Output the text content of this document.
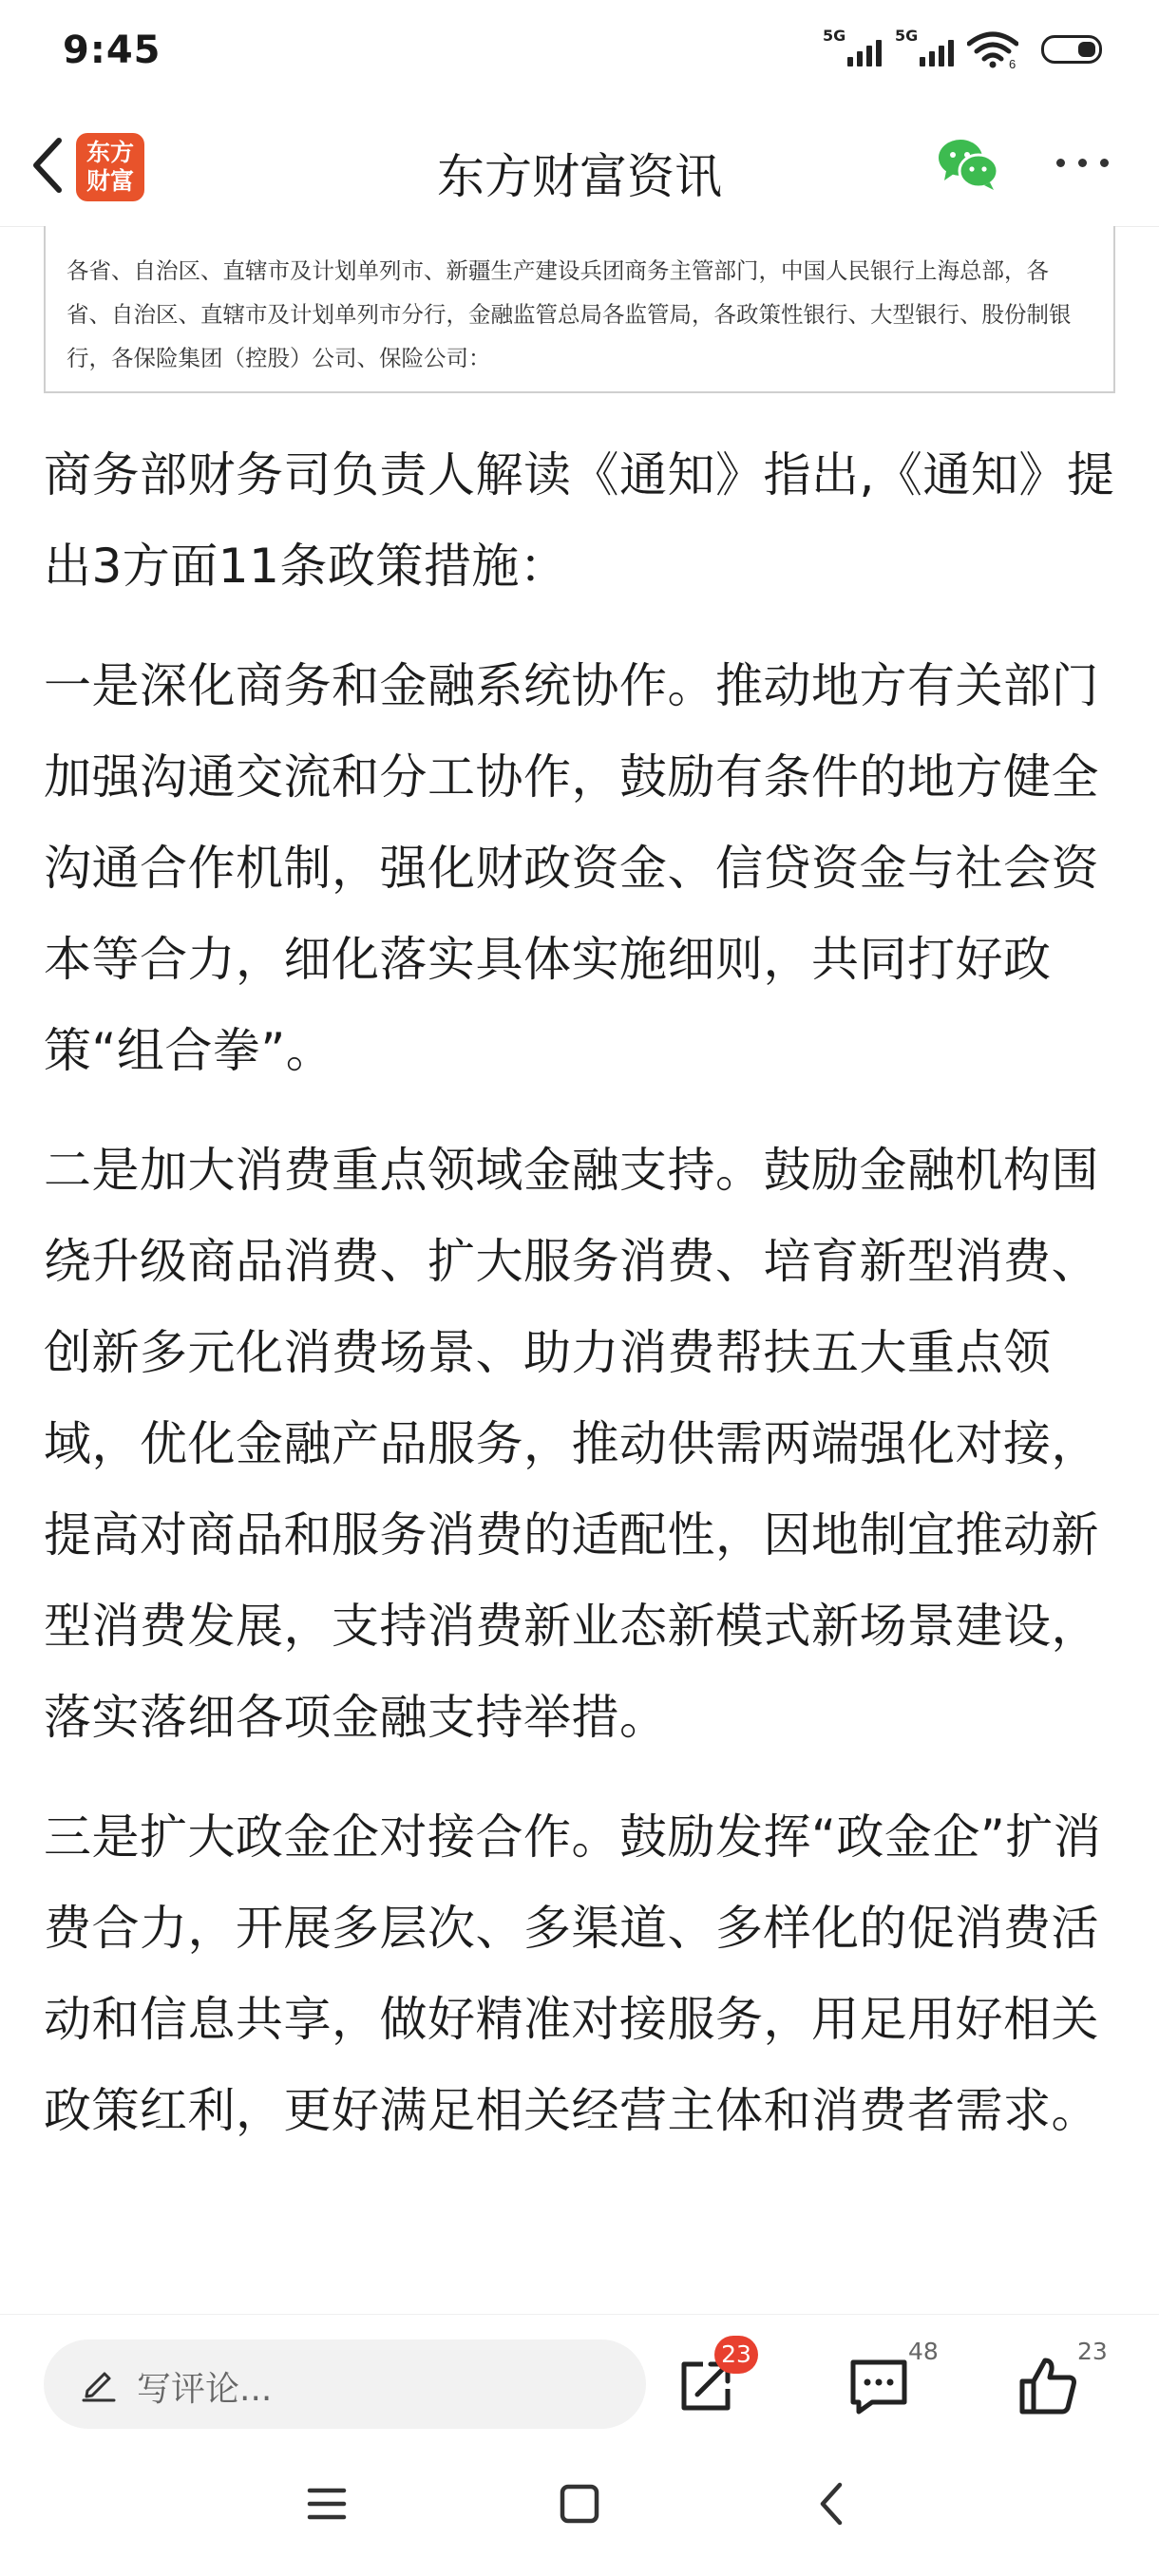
9:45	5G	5G
6
东方
财富	东方财富资讯
各省、自治区、直辖市及计划单列市、新疆生产建设兵团商务主管部门，中国人民银行上海总部，各省、自治区、直辖市及计划单列市分行，金融监管总局各监管局，各政策性银行、大型银行、股份制银行，各保险集团（控股）公司、保险公司：

商务部财务司负责人解读《通知》指出,《通知》提出3方面11条政策措施：

一是深化商务和金融系统协作。推动地方有关部门加强沟通交流和分工协作，鼓励有条件的地方健全沟通合作机制，强化财政资金、信贷资金与社会资本等合力，细化落实具体实施细则，共同打好政策“组合拳”。

二是加大消费重点领域金融支持。鼓励金融机构围绕升级商品消费、扩大服务消费、培育新型消费、创新多元化消费场景、助力消费帮扶五大重点领域，优化金融产品服务，推动供需两端强化对接，提高对商品和服务消费的适配性，因地制宜推动新型消费发展，支持消费新业态新模式新场景建设，落实落细各项金融支持举措。

三是扩大政金企对接合作。鼓励发挥“政金企”扩消费合力，开展多层次、多渠道、多样化的促消费活动和信息共享，做好精准对接服务，用足用好相关政策红利，更好满足相关经营主体和消费者需求。

写评论...
23	48	23
